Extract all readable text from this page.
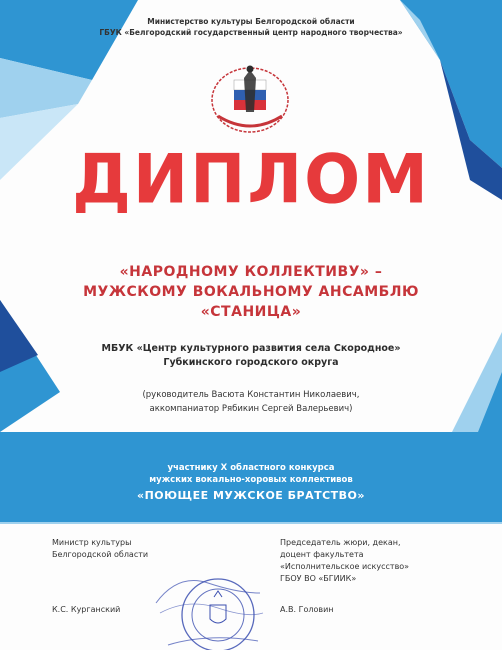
Министерство культуры Белгородской области
ГБУК «Белгородский государственный центр народного творчества»
ДИПЛОМ
«НАРОДНОМУ КОЛЛЕКТИВУ» –
МУЖСКОМУ ВОКАЛЬНОМУ АНСАМБЛЮ
«СТАНИЦА»
МБУК «Центр культурного развития села Скородное»
Губкинского городского округа
(руководитель Васюта Константин Николаевич,
аккомпаниатор Рябикин Сергей Валерьевич)
участнику X областного конкурса
мужских вокально-хоровых коллективов
«ПОЮЩЕЕ МУЖСКОЕ БРАТСТВО»
Министр культуры
Белгородской области
К.С. Курганский
Председатель жюри, декан,
доцент факультета
«Исполнительское искусство»
ГБОУ ВО «БГИИК»
А.В. Головин
